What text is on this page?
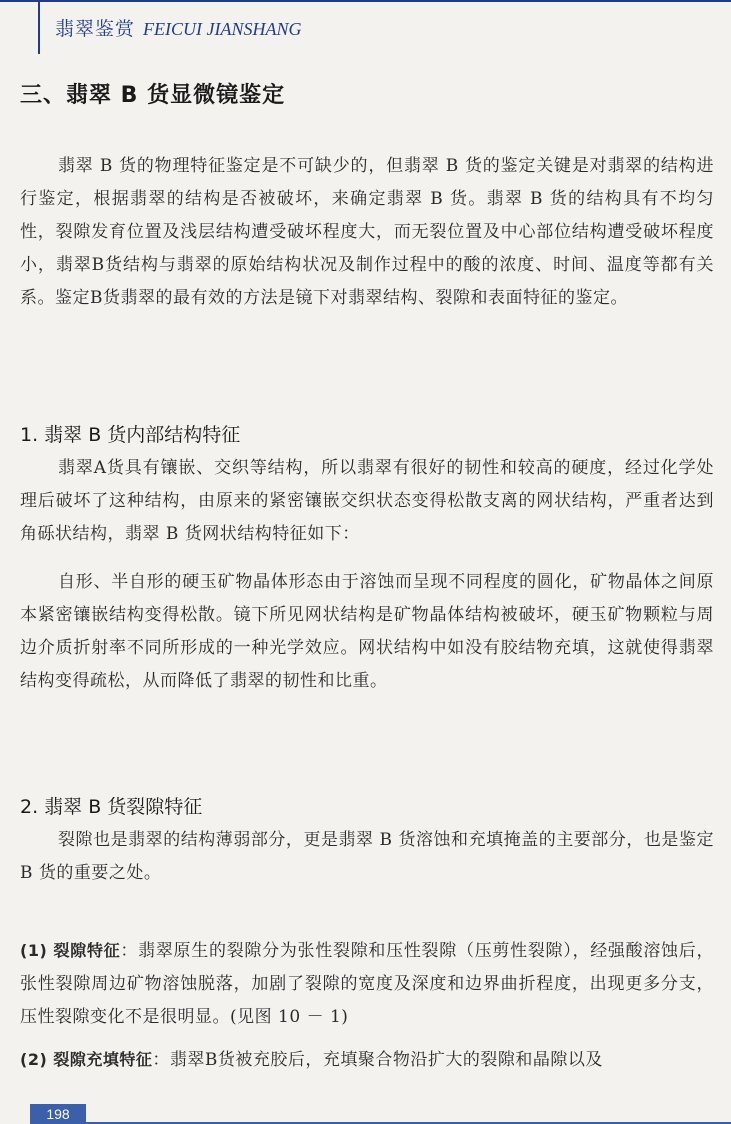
翡翠鉴赏 FEICUI JIANSHANG
三、翡翠 B 货显微镜鉴定

翡翠 B 货的物理特征鉴定是不可缺少的，但翡翠 B 货的鉴定关键是对翡翠的结构进行鉴定，根据翡翠的结构是否被破坏，来确定翡翠 B 货。翡翠 B 货的结构具有不均匀性，裂隙发育位置及浅层结构遭受破坏程度大，而无裂位置及中心部位结构遭受破坏程度小，翡翠B货结构与翡翠的原始结构状况及制作过程中的酸的浓度、时间、温度等都有关系。鉴定B货翡翠的最有效的方法是镜下对翡翠结构、裂隙和表面特征的鉴定。

1. 翡翠 B 货内部结构特征

翡翠A货具有镶嵌、交织等结构，所以翡翠有很好的韧性和较高的硬度，经过化学处理后破坏了这种结构，由原来的紧密镶嵌交织状态变得松散支离的网状结构，严重者达到角砾状结构，翡翠 B 货网状结构特征如下：

自形、半自形的硬玉矿物晶体形态由于溶蚀而呈现不同程度的圆化，矿物晶体之间原本紧密镶嵌结构变得松散。镜下所见网状结构是矿物晶体结构被破坏，硬玉矿物颗粒与周边介质折射率不同所形成的一种光学效应。网状结构中如没有胶结物充填，这就使得翡翠结构变得疏松，从而降低了翡翠的韧性和比重。

2. 翡翠 B 货裂隙特征

裂隙也是翡翠的结构薄弱部分，更是翡翠 B 货溶蚀和充填掩盖的主要部分，也是鉴定 B 货的重要之处。

(1) 裂隙特征：翡翠原生的裂隙分为张性裂隙和压性裂隙（压剪性裂隙），经强酸溶蚀后，张性裂隙周边矿物溶蚀脱落，加剧了裂隙的宽度及深度和边界曲折程度，出现更多分支，压性裂隙变化不是很明显。(见图 10 － 1)

(2) 裂隙充填特征：翡翠B货被充胶后，充填聚合物沿扩大的裂隙和晶隙以及

198
